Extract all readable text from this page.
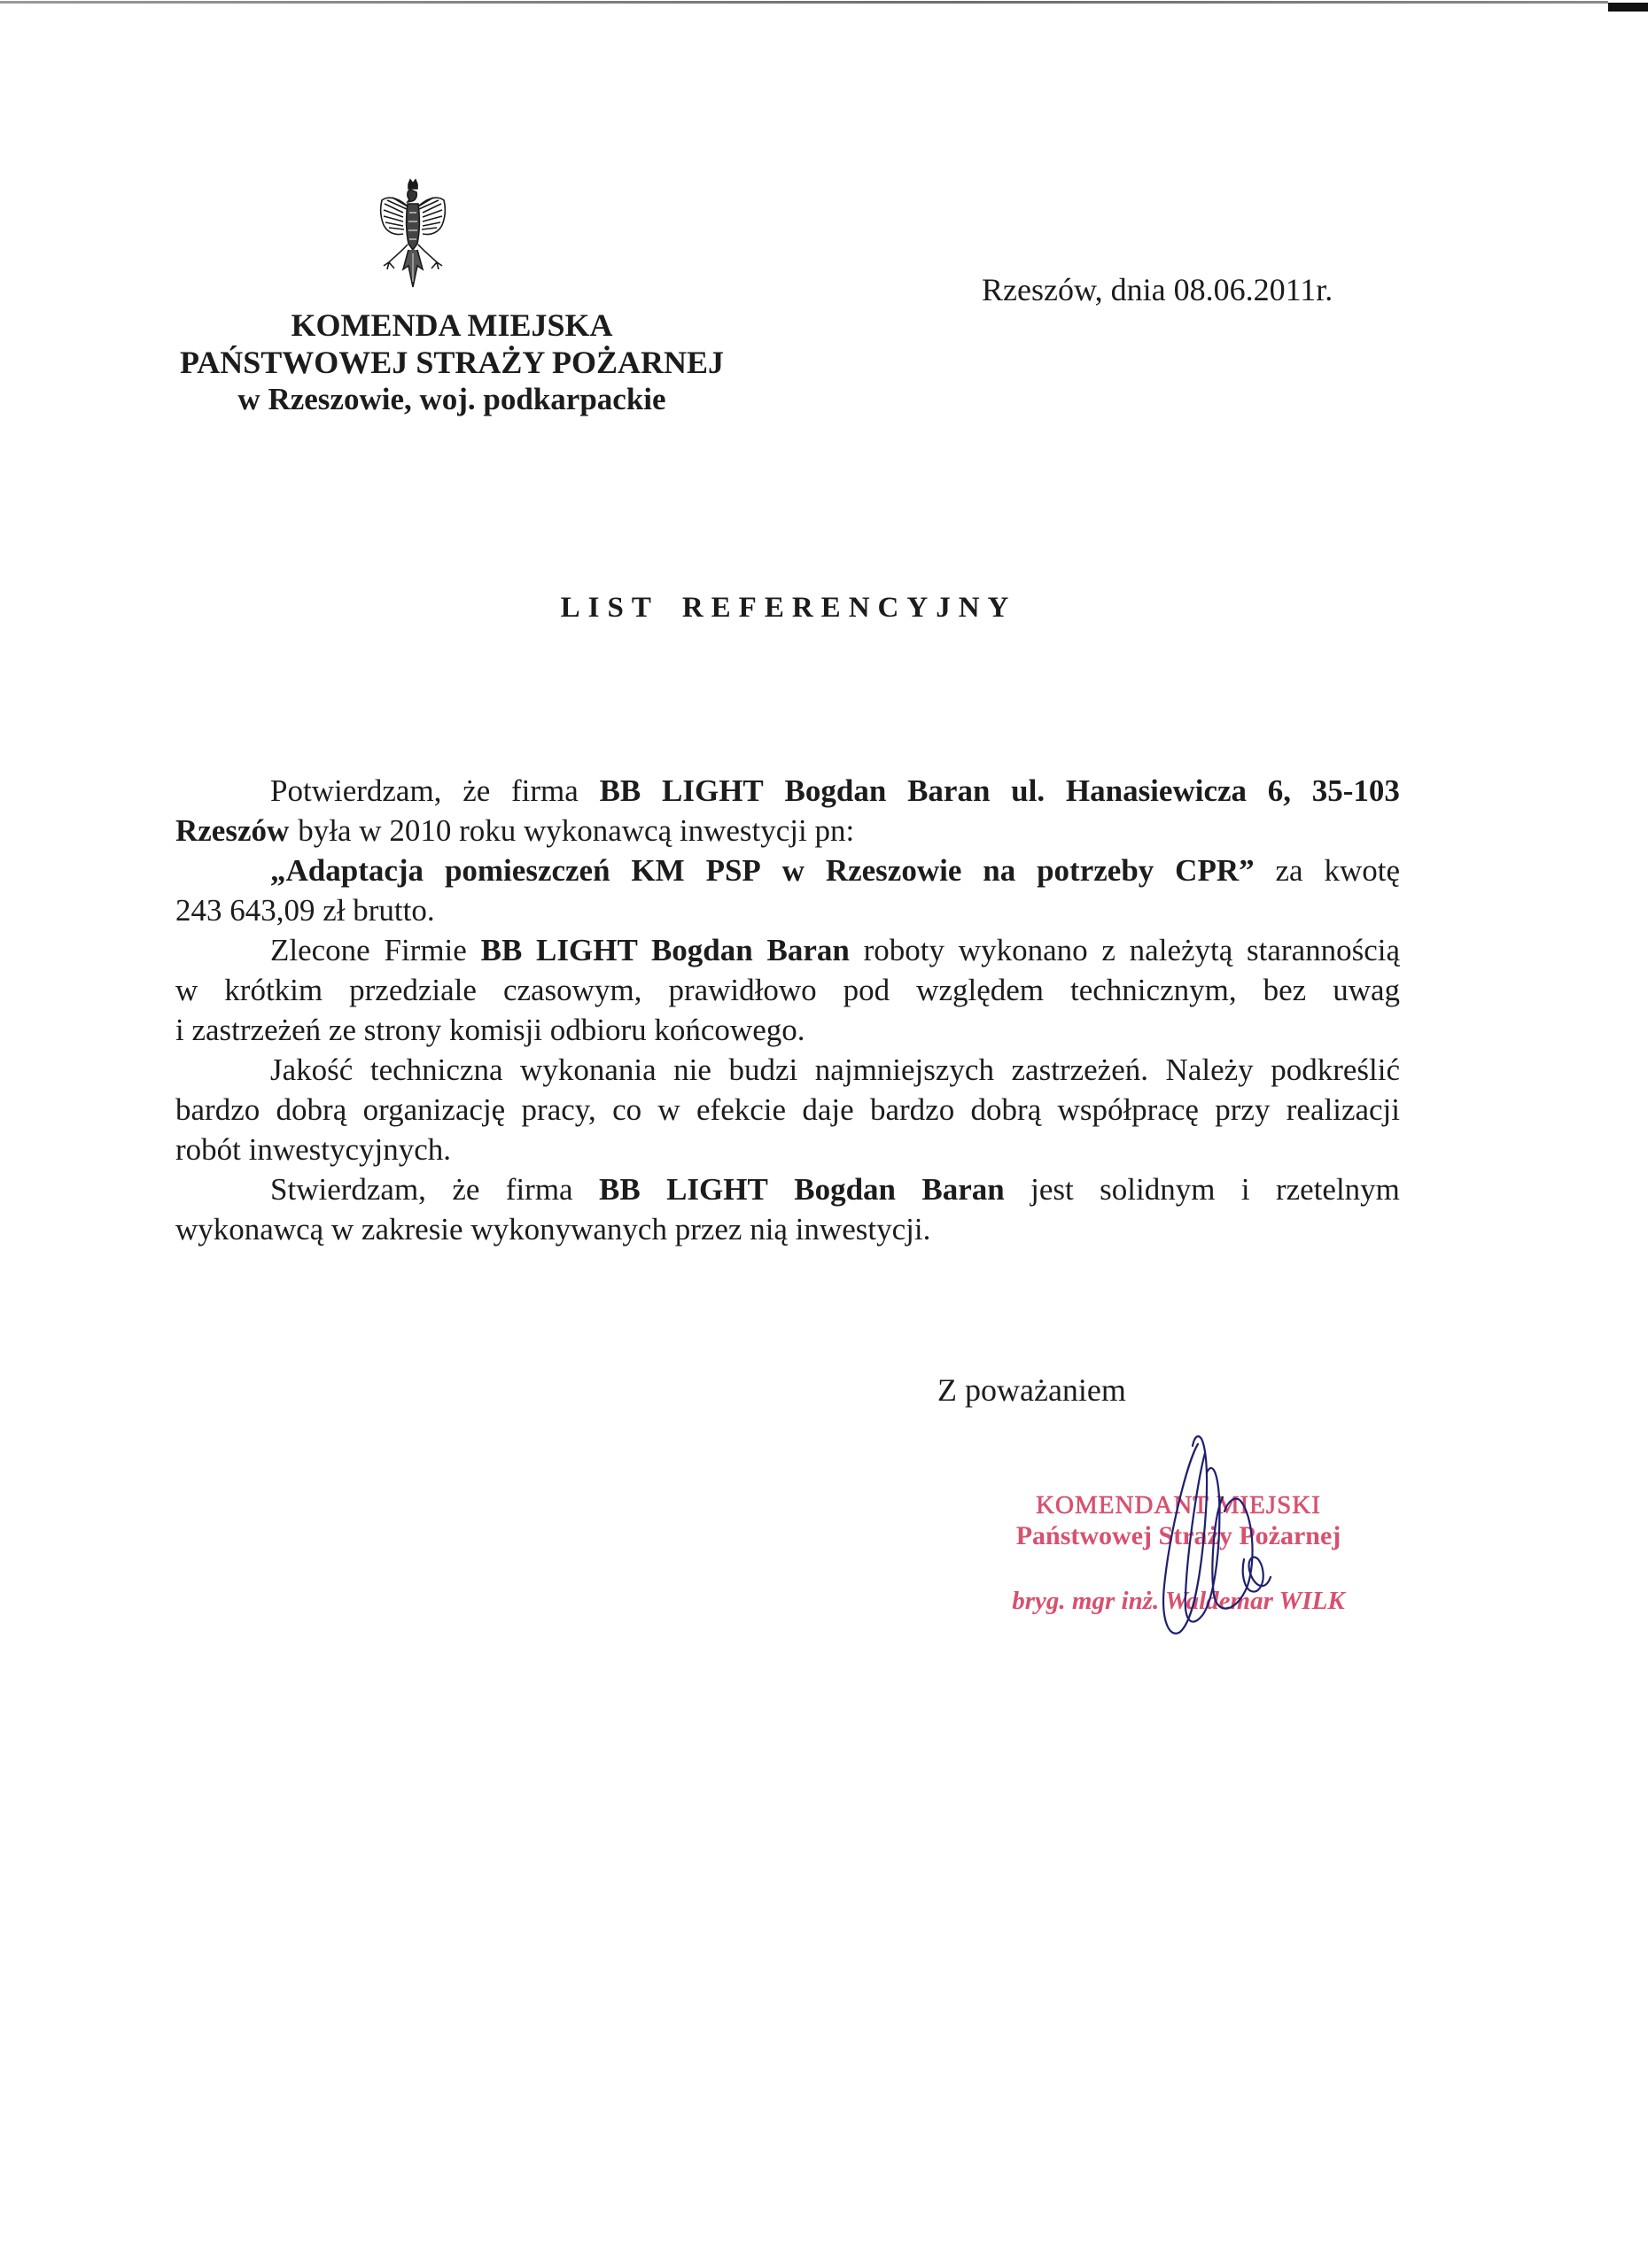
KOMENDA MIEJSKA
PAŃSTWOWEJ STRAŻY POŻARNEJ
w Rzeszowie, woj. podkarpackie
Rzeszów, dnia 08.06.2011r.
LIST REFERENCYJNY
Potwierdzam, że firma BB LIGHT Bogdan Baran ul. Hanasiewicza 6, 35-103
Rzeszów była w 2010 roku wykonawcą inwestycji pn:
„Adaptacja pomieszczeń KM PSP w Rzeszowie na potrzeby CPR” za kwotę
243 643,09 zł brutto.
Zlecone Firmie BB LIGHT Bogdan Baran roboty wykonano z należytą starannością
w krótkim przedziale czasowym, prawidłowo pod względem technicznym, bez uwag
i zastrzeżeń ze strony komisji odbioru końcowego.
Jakość techniczna wykonania nie budzi najmniejszych zastrzeżeń. Należy podkreślić
bardzo dobrą organizację pracy, co w efekcie daje bardzo dobrą współpracę przy realizacji
robót inwestycyjnych.
Stwierdzam, że firma BB LIGHT Bogdan Baran jest solidnym i rzetelnym
wykonawcą w zakresie wykonywanych przez nią inwestycji.
Z poważaniem
KOMENDANT MIEJSKI
Państwowej Straży Pożarnej
bryg. mgr inż. Waldemar WILK
